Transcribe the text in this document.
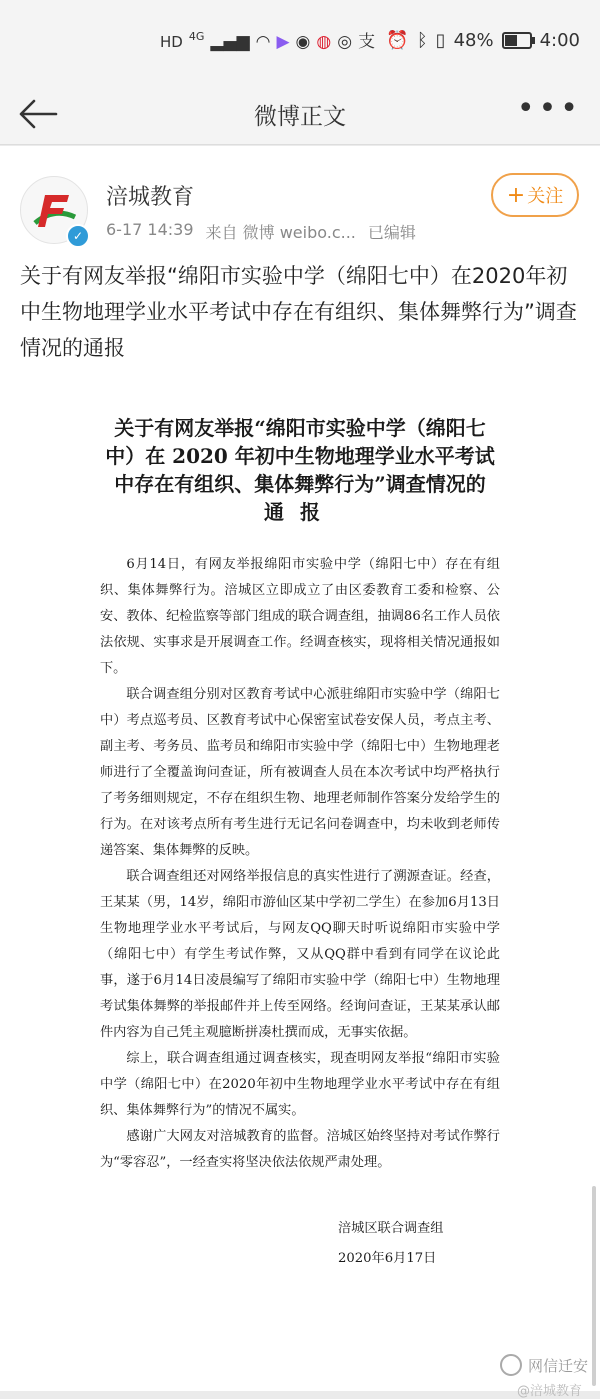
HD 4G ▂▄▆ ◠ ▶ ◉ ◍ ◎ 支 ⏰ ᛒ ▯ 48%	4:00
微博正文	•••
✓
涪城教育
6-17 14:39 来自 微博 weibo.c... 已编辑
+ 关注
关于有网友举报“绵阳市实验中学（绵阳七中）在2020年初中生物地理学业水平考试中存在有组织、集体舞弊行为”调查情况的通报
关于有网友举报“绵阳市实验中学（绵阳七
中）在 2020 年初中生物地理学业水平考试
中存在有组织、集体舞弊行为”调查情况的
通报

6月14日，有网友举报绵阳市实验中学（绵阳七中）存在有组织、集体舞弊行为。涪城区立即成立了由区委教育工委和检察、公安、教体、纪检监察等部门组成的联合调查组，抽调86名工作人员依法依规、实事求是开展调查工作。经调查核实，现将相关情况通报如下。

联合调查组分别对区教育考试中心派驻绵阳市实验中学（绵阳七中）考点巡考员、区教育考试中心保密室试卷安保人员，考点主考、副主考、考务员、监考员和绵阳市实验中学（绵阳七中）生物地理老师进行了全覆盖询问查证，所有被调查人员在本次考试中均严格执行了考务细则规定，不存在组织生物、地理老师制作答案分发给学生的行为。在对该考点所有考生进行无记名问卷调查中，均未收到老师传递答案、集体舞弊的反映。

联合调查组还对网络举报信息的真实性进行了溯源查证。经查，王某某（男，14岁，绵阳市游仙区某中学初二学生）在参加6月13日生物地理学业水平考试后，与网友QQ聊天时听说绵阳市实验中学（绵阳七中）有学生考试作弊，又从QQ群中看到有同学在议论此事，遂于6月14日凌晨编写了绵阳市实验中学（绵阳七中）生物地理考试集体舞弊的举报邮件并上传至网络。经询问查证，王某某承认邮件内容为自己凭主观臆断拼凑杜撰而成，无事实依据。

综上，联合调查组通过调查核实，现查明网友举报“绵阳市实验中学（绵阳七中）在2020年初中生物地理学业水平考试中存在有组织、集体舞弊行为”的情况不属实。

感谢广大网友对涪城教育的监督。涪城区始终坚持对考试作弊行为“零容忍”，一经查实将坚决依法依规严肃处理。

涪城区联合调查组
2020年6月17日
网信迁安
@涪城教育
